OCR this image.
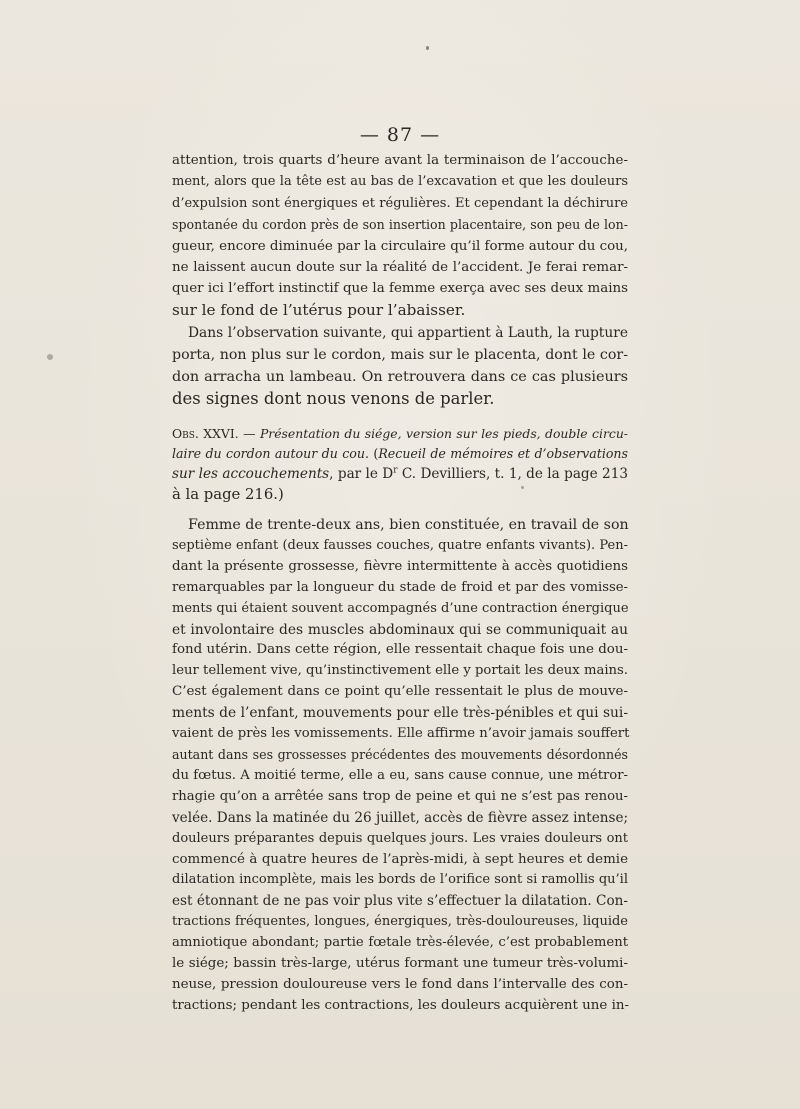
— 87 —
attention, trois quarts d’heure avant la terminaison de l’accouche-
ment, alors que la tête est au bas de l’excavation et que les douleurs
d’expulsion sont énergiques et régulières. Et cependant la déchirure
spontanée du cordon près de son insertion placentaire, son peu de lon-
gueur, encore diminuée par la circulaire qu’il forme autour du cou,
ne laissent aucun doute sur la réalité de l’accident. Je ferai remar-
quer ici l’effort instinctif que la femme exerça avec ses deux mains
sur le fond de l’utérus pour l’abaisser.
Dans l’observation suivante, qui appartient à Lauth, la rupture
porta, non plus sur le cordon, mais sur le placenta, dont le cor-
don arracha un lambeau. On retrouvera dans ce cas plusieurs
des signes dont nous venons de parler.
Obs. XXVI. — Présentation du siége, version sur les pieds, double circu-
laire du cordon autour du cou. (Recueil de mémoires et d’observations
sur les accouchements, par le $D^r$ C. Devilliers, t. 1, de la page 213
à la page 216.)
Femme de trente-deux ans, bien constituée, en travail de son
septième enfant (deux fausses couches, quatre enfants vivants). Pen-
dant la présente grossesse, fièvre intermittente à accès quotidiens
remarquables par la longueur du stade de froid et par des vomisse-
ments qui étaient souvent accompagnés d’une contraction énergique
et involontaire des muscles abdominaux qui se communiquait au
fond utérin. Dans cette région, elle ressentait chaque fois une dou-
leur tellement vive, qu’instinctivement elle y portait les deux mains.
C’est également dans ce point qu’elle ressentait le plus de mouve-
ments de l’enfant, mouvements pour elle très-pénibles et qui sui-
vaient de près les vomissements. Elle affirme n’avoir jamais souffert
autant dans ses grossesses précédentes des mouvements désordonnés
du fœtus. A moitié terme, elle a eu, sans cause connue, une métror-
rhagie qu’on a arrêtée sans trop de peine et qui ne s’est pas renou-
velée. Dans la matinée du 26 juillet, accès de fièvre assez intense;
douleurs préparantes depuis quelques jours. Les vraies douleurs ont
commencé à quatre heures de l’après-midi, à sept heures et demie
dilatation incomplète, mais les bords de l’orifice sont si ramollis qu’il
est étonnant de ne pas voir plus vite s’effectuer la dilatation. Con-
tractions fréquentes, longues, énergiques, très-douloureuses, liquide
amniotique abondant; partie fœtale très-élevée, c’est probablement
le siége; bassin très-large, utérus formant une tumeur très-volumi-
neuse, pression douloureuse vers le fond dans l’intervalle des con-
tractions; pendant les contractions, les douleurs acquièrent une in-
